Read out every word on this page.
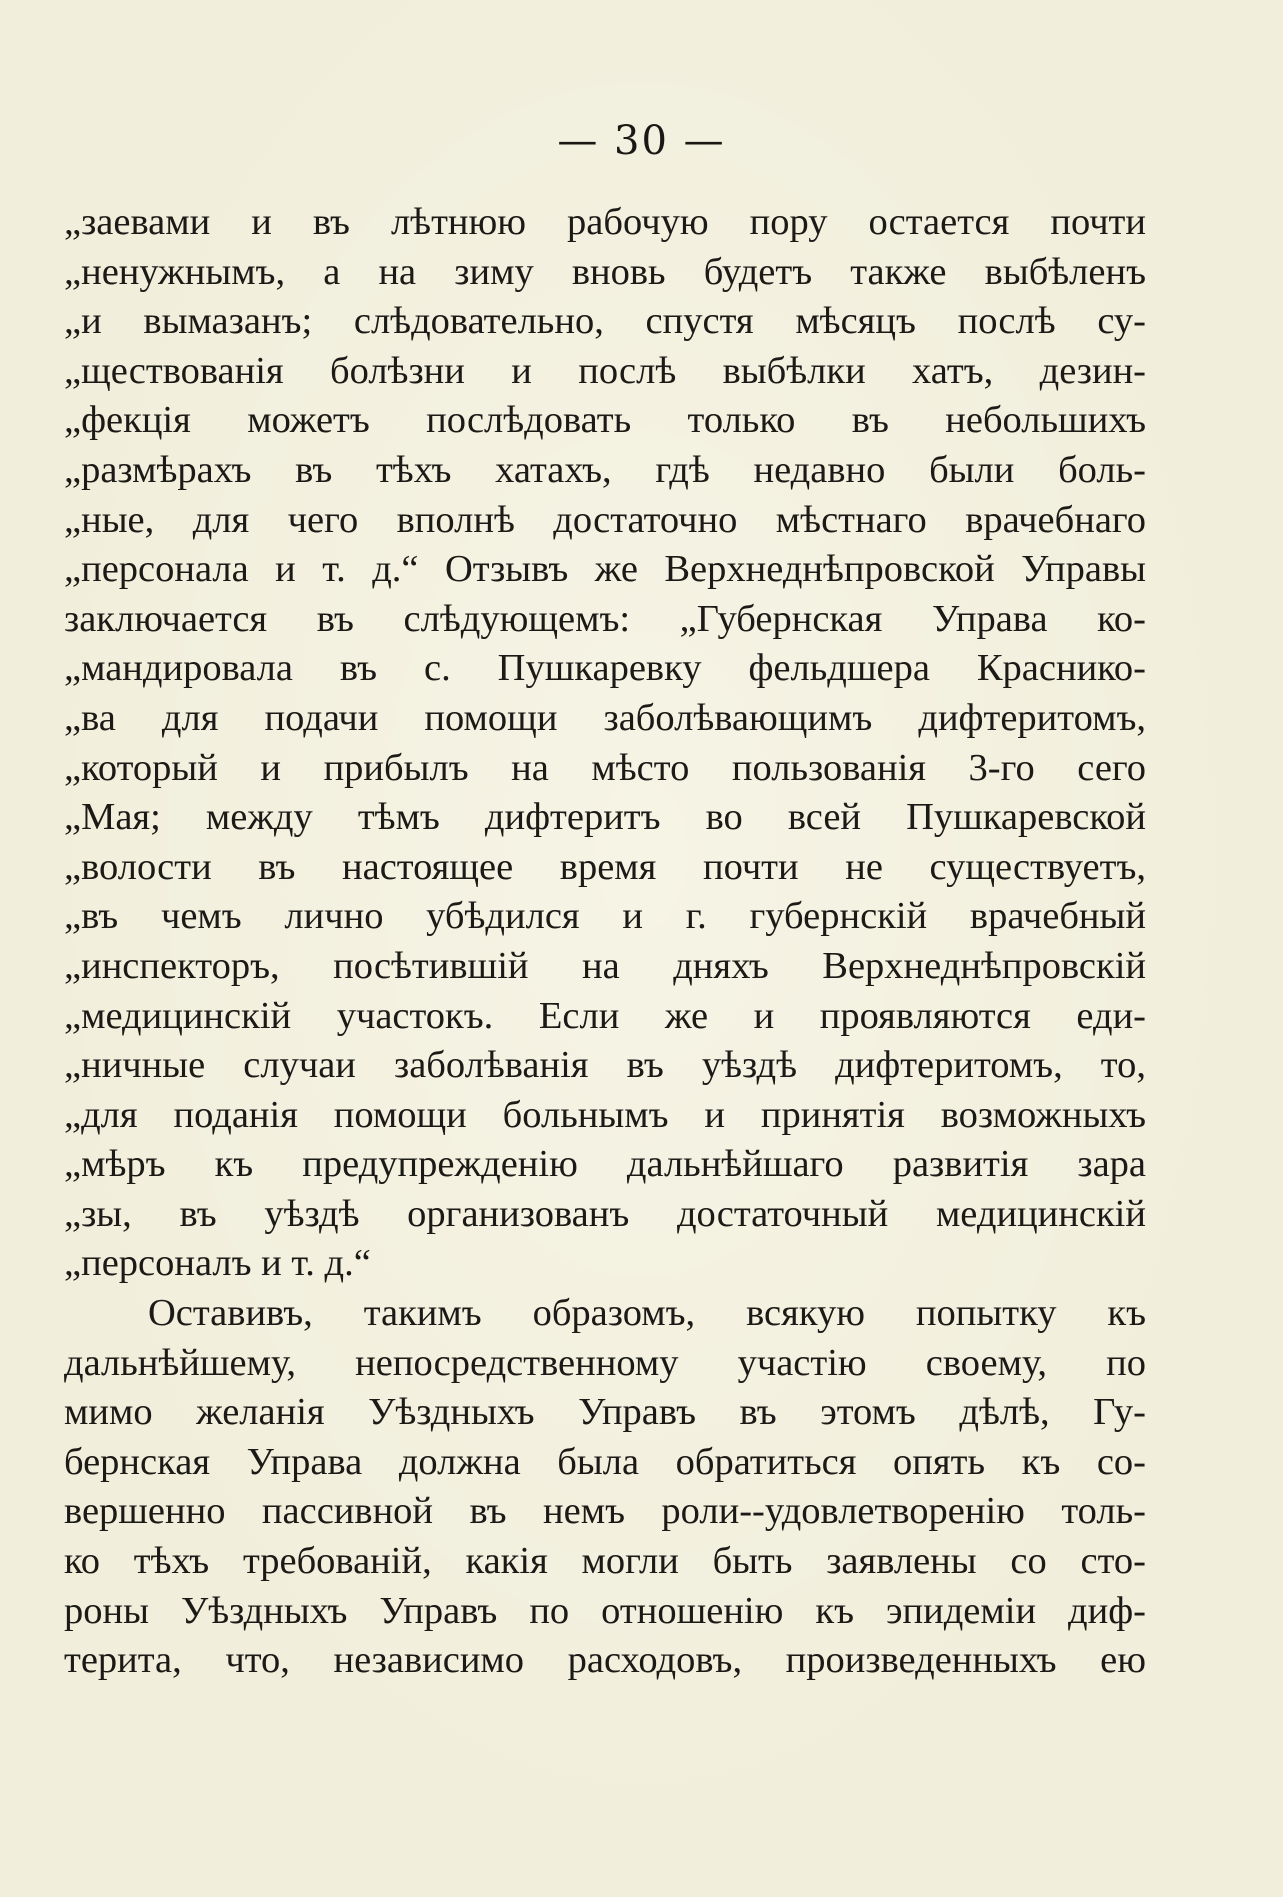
— 30 —
„заевами и въ лѣтнюю рабочую пору остается почти
„ненужнымъ, а на зиму вновь будетъ также выбѣленъ
„и вымазанъ; слѣдовательно, спустя мѣсяцъ послѣ су-
„ществованія болѣзни и послѣ выбѣлки хатъ, дезин-
„фекція можетъ послѣдовать только въ небольшихъ
„размѣрахъ въ тѣхъ хатахъ, гдѣ недавно были боль-
„ные, для чего вполнѣ достаточно мѣстнаго врачебнаго
„персонала и т. д.“ Отзывъ же Верхнеднѣпровской Управы
заключается въ слѣдующемъ: „Губернская Управа ко-
„мандировала въ с. Пушкаревку фельдшера Краснико-
„ва для подачи помощи заболѣвающимъ дифтеритомъ,
„который и прибылъ на мѣсто пользованія 3-го сего
„Мая; между тѣмъ дифтеритъ во всей Пушкаревской
„волости въ настоящее время почти не существуетъ,
„въ чемъ лично убѣдился и г. губернскій врачебный
„инспекторъ, посѣтившій на дняхъ Верхнеднѣпровскій
„медицинскій участокъ. Если же и проявляются еди-
„ничные случаи заболѣванія въ уѣздѣ дифтеритомъ, то,
„для поданія помощи больнымъ и принятія возможныхъ
„мѣръ къ предупрежденію дальнѣйшаго развитія зара
„зы, въ уѣздѣ организованъ достаточный медицинскій
„персоналъ и т. д.“
Оставивъ, такимъ образомъ, всякую попытку къ
дальнѣйшему, непосредственному участію своему, по
мимо желанія Уѣздныхъ Управъ въ этомъ дѣлѣ, Гу-
бернская Управа должна была обратиться опять къ со-
вершенно пассивной въ немъ роли--удовлетворенію толь-
ко тѣхъ требованій, какія могли быть заявлены со сто-
роны Уѣздныхъ Управъ по отношенію къ эпидеміи диф-
терита, что, независимо расходовъ, произведенныхъ ею
